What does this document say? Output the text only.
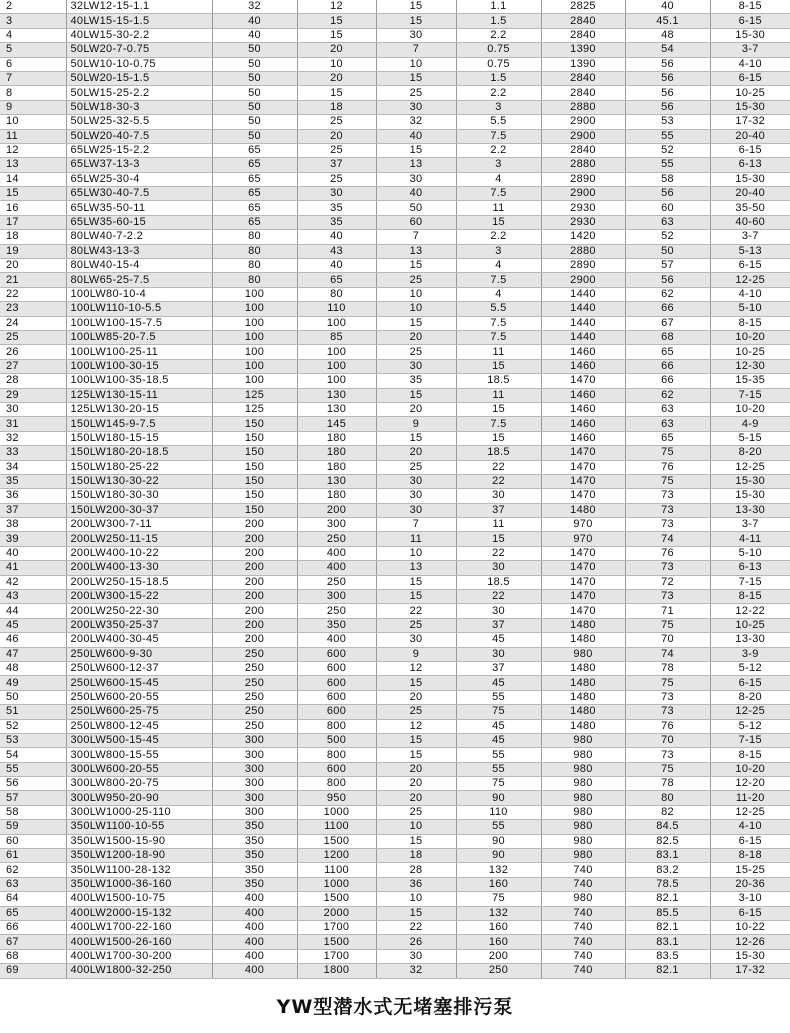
2	32LW12-15-1.1	32	12	15	1.1	2825	40	8-15
3	40LW15-15-1.5	40	15	15	1.5	2840	45.1	6-15
4	40LW15-30-2.2	40	15	30	2.2	2840	48	15-30
5	50LW20-7-0.75	50	20	7	0.75	1390	54	3-7
6	50LW10-10-0.75	50	10	10	0.75	1390	56	4-10
7	50LW20-15-1.5	50	20	15	1.5	2840	56	6-15
8	50LW15-25-2.2	50	15	25	2.2	2840	56	10-25
9	50LW18-30-3	50	18	30	3	2880	56	15-30
10	50LW25-32-5.5	50	25	32	5.5	2900	53	17-32
11	50LW20-40-7.5	50	20	40	7.5	2900	55	20-40
12	65LW25-15-2.2	65	25	15	2.2	2840	52	6-15
13	65LW37-13-3	65	37	13	3	2880	55	6-13
14	65LW25-30-4	65	25	30	4	2890	58	15-30
15	65LW30-40-7.5	65	30	40	7.5	2900	56	20-40
16	65LW35-50-11	65	35	50	11	2930	60	35-50
17	65LW35-60-15	65	35	60	15	2930	63	40-60
18	80LW40-7-2.2	80	40	7	2.2	1420	52	3-7
19	80LW43-13-3	80	43	13	3	2880	50	5-13
20	80LW40-15-4	80	40	15	4	2890	57	6-15
21	80LW65-25-7.5	80	65	25	7.5	2900	56	12-25
22	100LW80-10-4	100	80	10	4	1440	62	4-10
23	100LW110-10-5.5	100	110	10	5.5	1440	66	5-10
24	100LW100-15-7.5	100	100	15	7.5	1440	67	8-15
25	100LW85-20-7.5	100	85	20	7.5	1440	68	10-20
26	100LW100-25-11	100	100	25	11	1460	65	10-25
27	100LW100-30-15	100	100	30	15	1460	66	12-30
28	100LW100-35-18.5	100	100	35	18.5	1470	66	15-35
29	125LW130-15-11	125	130	15	11	1460	62	7-15
30	125LW130-20-15	125	130	20	15	1460	63	10-20
31	150LW145-9-7.5	150	145	9	7.5	1460	63	4-9
32	150LW180-15-15	150	180	15	15	1460	65	5-15
33	150LW180-20-18.5	150	180	20	18.5	1470	75	8-20
34	150LW180-25-22	150	180	25	22	1470	76	12-25
35	150LW130-30-22	150	130	30	22	1470	75	15-30
36	150LW180-30-30	150	180	30	30	1470	73	15-30
37	150LW200-30-37	150	200	30	37	1480	73	13-30
38	200LW300-7-11	200	300	7	11	970	73	3-7
39	200LW250-11-15	200	250	11	15	970	74	4-11
40	200LW400-10-22	200	400	10	22	1470	76	5-10
41	200LW400-13-30	200	400	13	30	1470	73	6-13
42	200LW250-15-18.5	200	250	15	18.5	1470	72	7-15
43	200LW300-15-22	200	300	15	22	1470	73	8-15
44	200LW250-22-30	200	250	22	30	1470	71	12-22
45	200LW350-25-37	200	350	25	37	1480	75	10-25
46	200LW400-30-45	200	400	30	45	1480	70	13-30
47	250LW600-9-30	250	600	9	30	980	74	3-9
48	250LW600-12-37	250	600	12	37	1480	78	5-12
49	250LW600-15-45	250	600	15	45	1480	75	6-15
50	250LW600-20-55	250	600	20	55	1480	73	8-20
51	250LW600-25-75	250	600	25	75	1480	73	12-25
52	250LW800-12-45	250	800	12	45	1480	76	5-12
53	300LW500-15-45	300	500	15	45	980	70	7-15
54	300LW800-15-55	300	800	15	55	980	73	8-15
55	300LW600-20-55	300	600	20	55	980	75	10-20
56	300LW800-20-75	300	800	20	75	980	78	12-20
57	300LW950-20-90	300	950	20	90	980	80	11-20
58	300LW1000-25-110	300	1000	25	110	980	82	12-25
59	350LW1100-10-55	350	1100	10	55	980	84.5	4-10
60	350LW1500-15-90	350	1500	15	90	980	82.5	6-15
61	350LW1200-18-90	350	1200	18	90	980	83.1	8-18
62	350LW1100-28-132	350	1100	28	132	740	83.2	15-25
63	350LW1000-36-160	350	1000	36	160	740	78.5	20-36
64	400LW1500-10-75	400	1500	10	75	980	82.1	3-10
65	400LW2000-15-132	400	2000	15	132	740	85.5	6-15
66	400LW1700-22-160	400	1700	22	160	740	82.1	10-22
67	400LW1500-26-160	400	1500	26	160	740	83.1	12-26
68	400LW1700-30-200	400	1700	30	200	740	83.5	15-30
69	400LW1800-32-250	400	1800	32	250	740	82.1	17-32
YW型潜水式无堵塞排污泵
